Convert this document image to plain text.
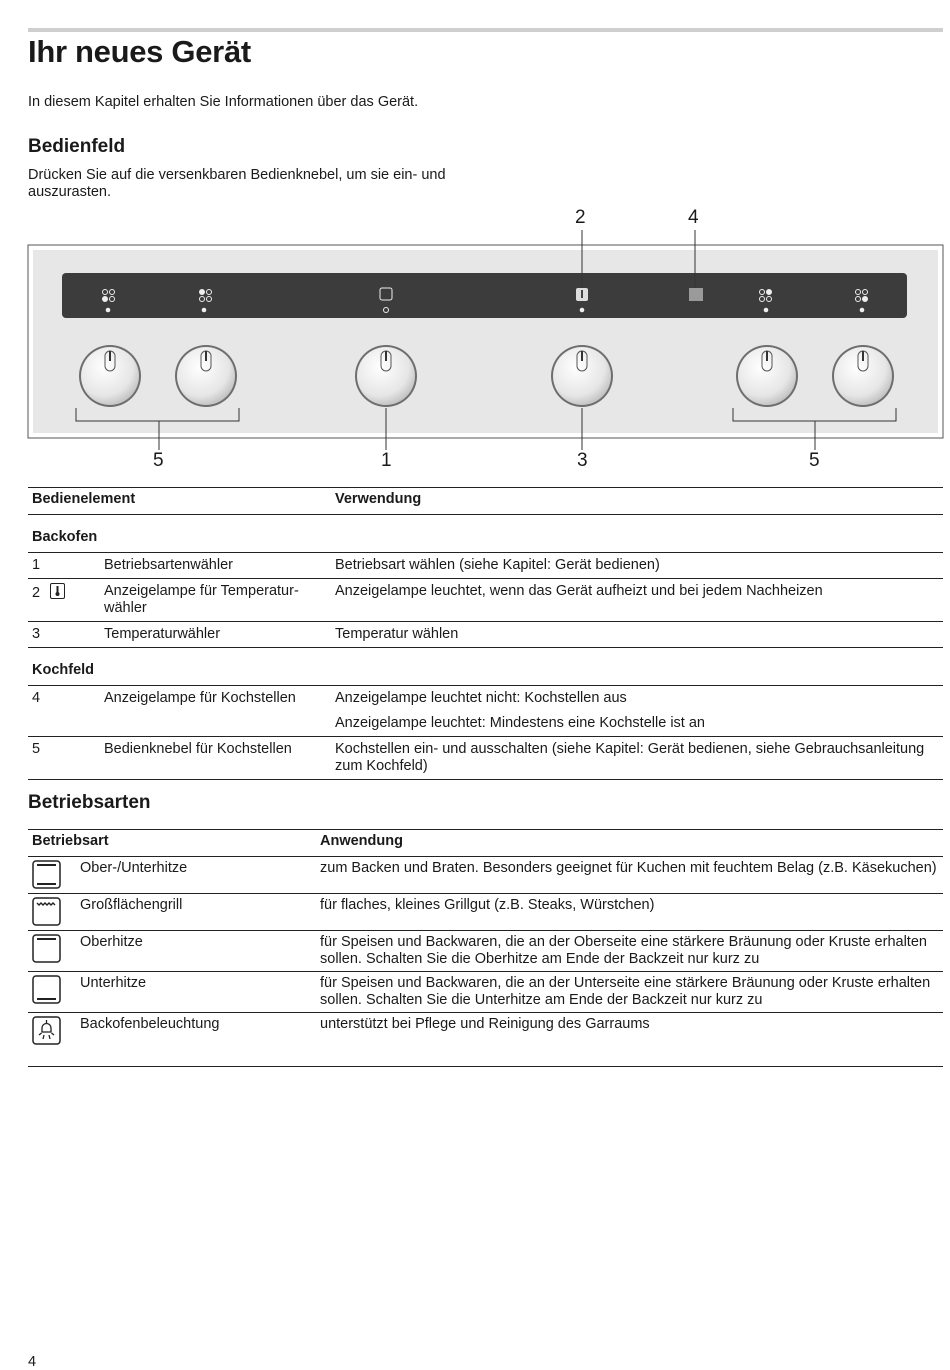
Ihr neues Gerät

In diesem Kapitel erhalten Sie Informationen über das Gerät.

Bedienfeld

Drücken Sie auf die versenkbaren Bedienknebel, um sie ein- und auszurasten.

2	4
5	1	3	5
Bedienelement		Verwendung
Backofen		
1	Betriebsartenwähler	Betriebsart wählen (siehe Kapitel: Gerät bedienen)
2	Anzeigelampe für Temperatur-wähler	Anzeigelampe leuchtet, wenn das Gerät aufheizt und bei jedem Nachheizen
3	Temperaturwähler	Temperatur wählen
Kochfeld		
4	Anzeigelampe für Kochstellen	Anzeigelampe leuchtet nicht: Kochstellen aus
		Anzeigelampe leuchtet: Mindestens eine Kochstelle ist an
5	Bedienknebel für Kochstellen	Kochstellen ein- und ausschalten (siehe Kapitel: Gerät bedienen, siehe Gebrauchsanleitung zum Kochfeld)
Betriebsarten
Betriebsart		Anwendung
	Ober-/Unterhitze	zum Backen und Braten. Besonders geeignet für Kuchen mit feuchtem Belag (z.B. Käsekuchen)
	Großflächengrill	für flaches, kleines Grillgut (z.B. Steaks, Würstchen)
	Oberhitze	für Speisen und Backwaren, die an der Oberseite eine stärkere Bräunung oder Kruste erhalten sollen. Schalten Sie die Oberhitze am Ende der Backzeit nur kurz zu
	Unterhitze	für Speisen und Backwaren, die an der Unterseite eine stärkere Bräunung oder Kruste erhalten sollen. Schalten Sie die Unterhitze am Ende der Backzeit nur kurz zu
	Backofenbeleuchtung	unterstützt bei Pflege und Reinigung des Garraums
4
